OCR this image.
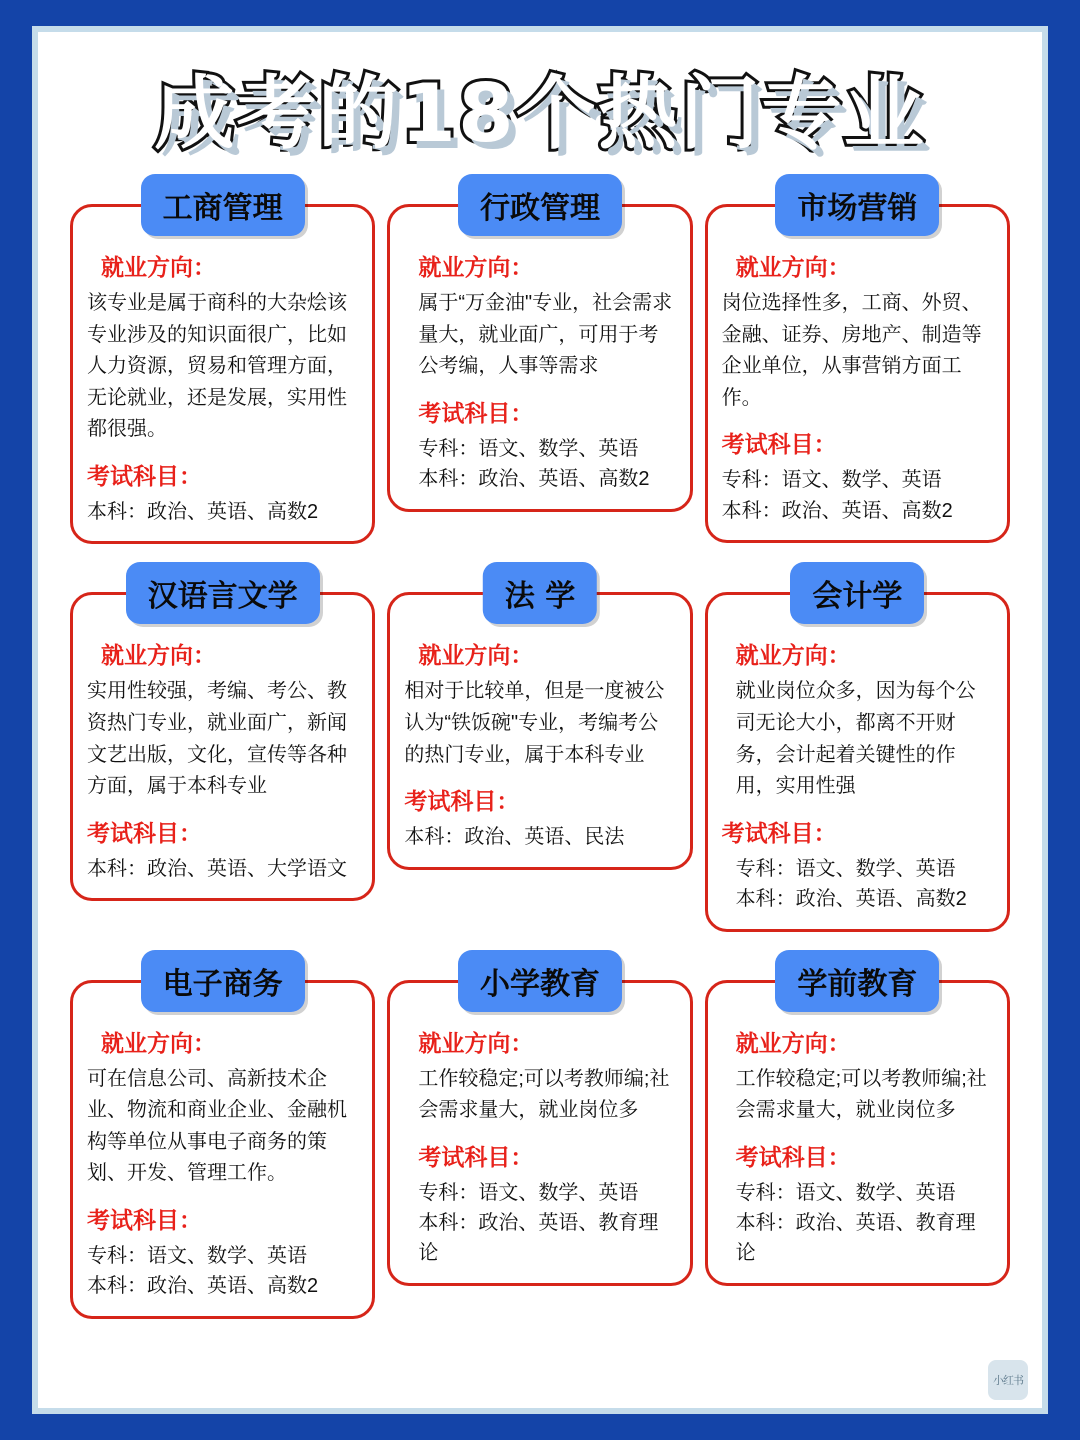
成考的18个热门专业
工商管理
就业方向：

该专业是属于商科的大杂烩该专业涉及的知识面很广，比如人力资源，贸易和管理方面，无论就业，还是发展，实用性都很强。

考试科目：

本科：政治、英语、高数2

行政管理
就业方向：

属于“万金油"专业，社会需求量大，就业面广，可用于考公考编，人事等需求

考试科目：

专科：语文、数学、英语

本科：政治、英语、高数2

市场营销
就业方向：

岗位选择性多，工商、外贸、金融、证券、房地产、制造等企业单位，从事营销方面工作。

考试科目：

专科：语文、数学、英语

本科：政治、英语、高数2

汉语言文学
就业方向：

实用性较强，考编、考公、教资热门专业，就业面广，新闻文艺出版，文化，宣传等各种方面，属于本科专业

考试科目：

本科：政治、英语、大学语文

法 学
就业方向：

相对于比较单，但是一度被公认为“铁饭碗"专业，考编考公的热门专业，属于本科专业

考试科目：

本科：政治、英语、民法

会计学
就业方向：

就业岗位众多，因为每个公司无论大小，都离不开财务，会计起着关键性的作用，实用性强

考试科目：

专科：语文、数学、英语

本科：政治、英语、高数2

电子商务
就业方向：

可在信息公司、高新技术企业、物流和商业企业、金融机构等单位从事电子商务的策划、开发、管理工作。

考试科目：

专科：语文、数学、英语

本科：政治、英语、高数2

小学教育
就业方向：

工作较稳定;可以考教师编;社会需求量大，就业岗位多

考试科目：

专科：语文、数学、英语

本科：政治、英语、教育理论

学前教育
就业方向：

工作较稳定;可以考教师编;社会需求量大，就业岗位多

考试科目：

专科：语文、数学、英语

本科：政治、英语、教育理论

小红书
